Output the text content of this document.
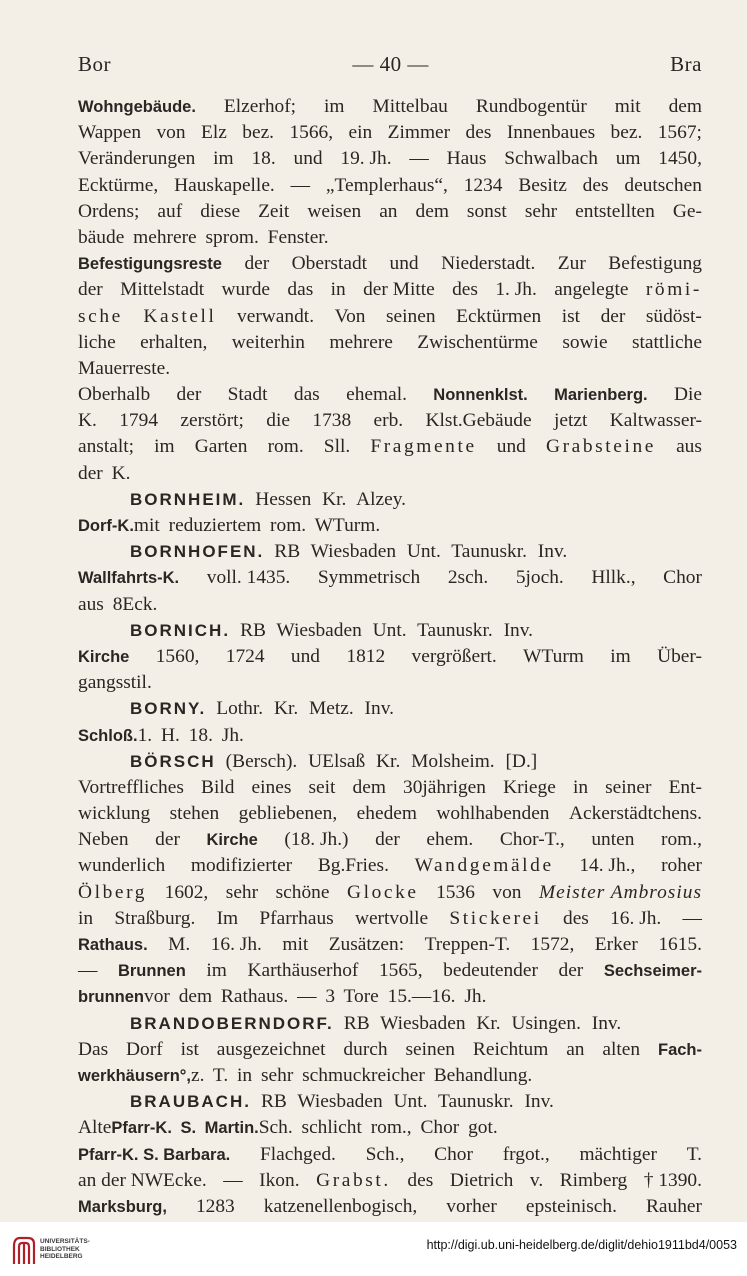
Bor	— 40 —	Bra
Wohngebäude. Elzerhof; im Mittelbau Rundbogentür mit dem
Wappen von Elz bez. 1566, ein Zimmer des Innenbaues bez. 1567;
Veränderungen im 18. und 19. Jh. — Haus Schwalbach um 1450,
Ecktürme, Hauskapelle. — „Templerhaus“, 1234 Besitz des deutschen
Ordens; auf diese Zeit weisen an dem sonst sehr entstellten Ge-
bäude mehrere sprom. Fenster.
Befestigungsreste der Oberstadt und Niederstadt. Zur Befestigung
der Mittelstadt wurde das in der Mitte des 1. Jh. angelegte römi-
sche Kastell verwandt. Von seinen Ecktürmen ist der südöst-
liche erhalten, weiterhin mehrere Zwischentürme sowie stattliche
Mauerreste.
Oberhalb der Stadt das ehemal. Nonnenklst. Marienberg. Die
K. 1794 zerstört; die 1738 erb. Klst.Gebäude jetzt Kaltwasser-
anstalt; im Garten rom. Sll. Fragmente und Grabsteine aus
der K.
BORNHEIM. Hessen Kr. Alzey.
Dorf-K. mit reduziertem rom. WTurm.
BORNHOFEN. RB Wiesbaden Unt. Taunuskr. Inv.
Wallfahrts-K. voll. 1435. Symmetrisch 2sch. 5joch. Hllk., Chor
aus 8Eck.
BORNICH. RB Wiesbaden Unt. Taunuskr. Inv.
Kirche 1560, 1724 und 1812 vergrößert. WTurm im Über-
gangsstil.
BORNY. Lothr. Kr. Metz. Inv.
Schloß. 1. H. 18. Jh.
BÖRSCH (Bersch). UElsaß Kr. Molsheim. [D.]
Vortreffliches Bild eines seit dem 30jährigen Kriege in seiner Ent-
wicklung stehen gebliebenen, ehedem wohlhabenden Ackerstädtchens.
Neben der Kirche (18. Jh.) der ehem. Chor-T., unten rom.,
wunderlich modifizierter Bg.Fries. Wandgemälde 14. Jh., roher
Ölberg 1602, sehr schöne Glocke 1536 von Meister Ambrosius
in Straßburg. Im Pfarrhaus wertvolle Stickerei des 16. Jh. —
Rathaus. M. 16. Jh. mit Zusätzen: Treppen-T. 1572, Erker 1615.
— Brunnen im Karthäuserhof 1565, bedeutender der Sechseimer-
brunnen vor dem Rathaus. — 3 Tore 15.—16. Jh.
BRANDOBERNDORF. RB Wiesbaden Kr. Usingen. Inv.
Das Dorf ist ausgezeichnet durch seinen Reichtum an alten Fach-
werkhäusern°, z. T. in sehr schmuckreicher Behandlung.
BRAUBACH. RB Wiesbaden Unt. Taunuskr. Inv.
Alte Pfarr-K. S. Martin. Sch. schlicht rom., Chor got.
Pfarr-K. S. Barbara. Flachged. Sch., Chor frgot., mächtiger T.
an der NWEcke. — Ikon. Grabst. des Dietrich v. Rimberg † 1390.
Marksburg, 1283 katzenellenbogisch, vorher epsteinisch. Rauher
UNIVERSITÄTS-
BIBLIOTHEK
HEIDELBERG
http://digi.ub.uni-heidelberg.de/diglit/dehio1911bd4/0053
